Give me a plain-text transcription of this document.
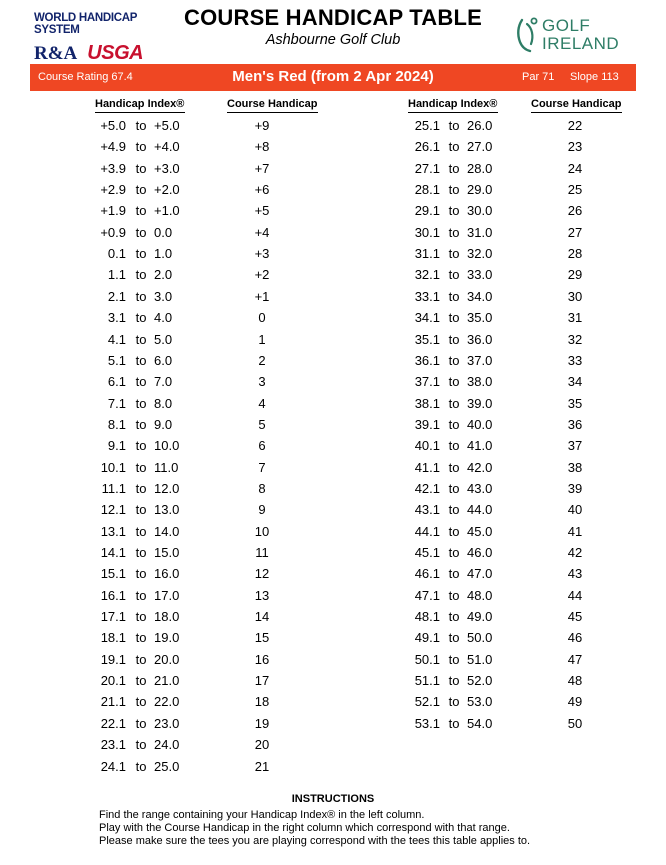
WORLD HANDICAP SYSTEM
R&A USGA
COURSE HANDICAP TABLE
Ashbourne Golf Club
GOLF
IRELAND
Course Rating 67.4	Men's Red (from 2 Apr 2024)	Par 71 Slope 113
Handicap Index®	Course Handicap	Handicap Index®	Course Handicap
+5.0 to +5.0	+9
+4.9 to +4.0	+8
+3.9 to +3.0	+7
+2.9 to +2.0	+6
+1.9 to +1.0	+5
+0.9 to 0.0	+4
0.1 to 1.0	+3
1.1 to 2.0	+2
2.1 to 3.0	+1
3.1 to 4.0	0
4.1 to 5.0	1
5.1 to 6.0	2
6.1 to 7.0	3
7.1 to 8.0	4
8.1 to 9.0	5
9.1 to 10.0	6
10.1 to 11.0	7
11.1 to 12.0	8
12.1 to 13.0	9
13.1 to 14.0	10
14.1 to 15.0	11
15.1 to 16.0	12
16.1 to 17.0	13
17.1 to 18.0	14
18.1 to 19.0	15
19.1 to 20.0	16
20.1 to 21.0	17
21.1 to 22.0	18
22.1 to 23.0	19
23.1 to 24.0	20
24.1 to 25.0	21
25.1 to 26.0	22
26.1 to 27.0	23
27.1 to 28.0	24
28.1 to 29.0	25
29.1 to 30.0	26
30.1 to 31.0	27
31.1 to 32.0	28
32.1 to 33.0	29
33.1 to 34.0	30
34.1 to 35.0	31
35.1 to 36.0	32
36.1 to 37.0	33
37.1 to 38.0	34
38.1 to 39.0	35
39.1 to 40.0	36
40.1 to 41.0	37
41.1 to 42.0	38
42.1 to 43.0	39
43.1 to 44.0	40
44.1 to 45.0	41
45.1 to 46.0	42
46.1 to 47.0	43
47.1 to 48.0	44
48.1 to 49.0	45
49.1 to 50.0	46
50.1 to 51.0	47
51.1 to 52.0	48
52.1 to 53.0	49
53.1 to 54.0	50
INSTRUCTIONS
Find the range containing your Handicap Index® in the left column.
Play with the Course Handicap in the right column which correspond with that range.
Please make sure the tees you are playing correspond with the tees this table applies to.
